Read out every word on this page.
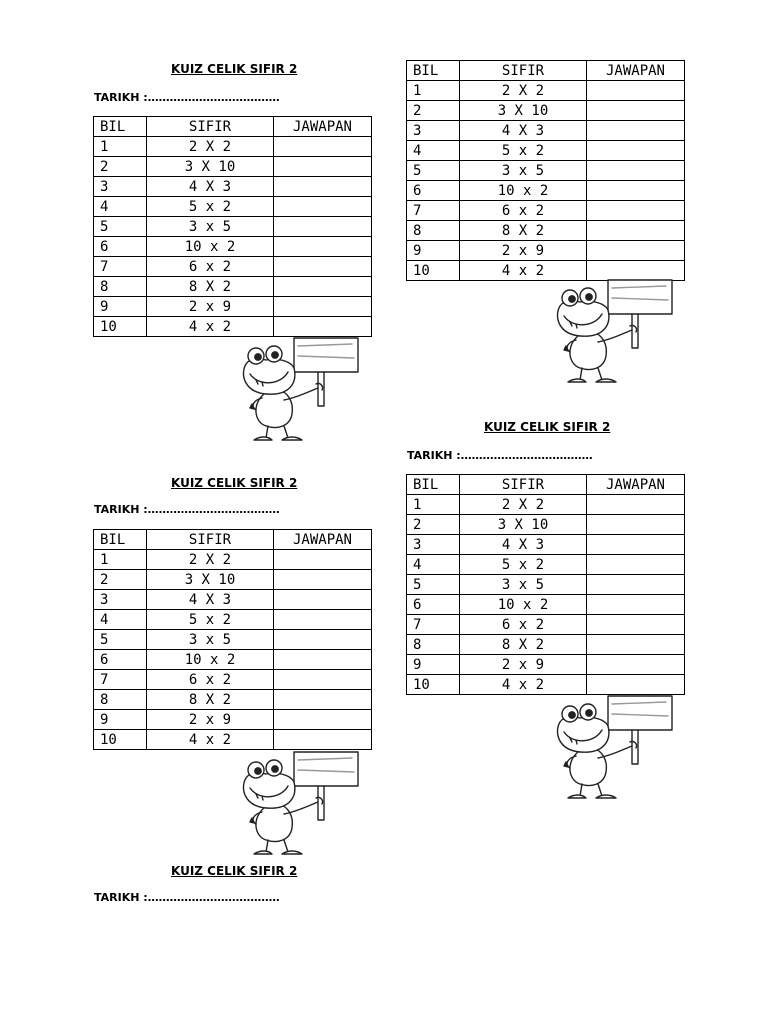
KUIZ CELIK SIFIR 2
TARIKH :………………………………
BIL	SIFIR	JAWAPAN
1	2 X 2	
2	3 X 10	
3	4 X 3	
4	5 x 2	
5	3 x 5	
6	10 x 2	
7	6 x 2	
8	8 X 2	
9	2 x 9	
10	4 x 2	
BIL	SIFIR	JAWAPAN
1	2 X 2	
2	3 X 10	
3	4 X 3	
4	5 x 2	
5	3 x 5	
6	10 x 2	
7	6 x 2	
8	8 X 2	
9	2 x 9	
10	4 x 2	
KUIZ CELIK SIFIR 2
TARIKH :………………………………
BIL	SIFIR	JAWAPAN
1	2 X 2	
2	3 X 10	
3	4 X 3	
4	5 x 2	
5	3 x 5	
6	10 x 2	
7	6 x 2	
8	8 X 2	
9	2 x 9	
10	4 x 2	
KUIZ CELIK SIFIR 2
TARIKH :………………………………
BIL	SIFIR	JAWAPAN
1	2 X 2	
2	3 X 10	
3	4 X 3	
4	5 x 2	
5	3 x 5	
6	10 x 2	
7	6 x 2	
8	8 X 2	
9	2 x 9	
10	4 x 2	
KUIZ CELIK SIFIR 2
TARIKH :………………………………
